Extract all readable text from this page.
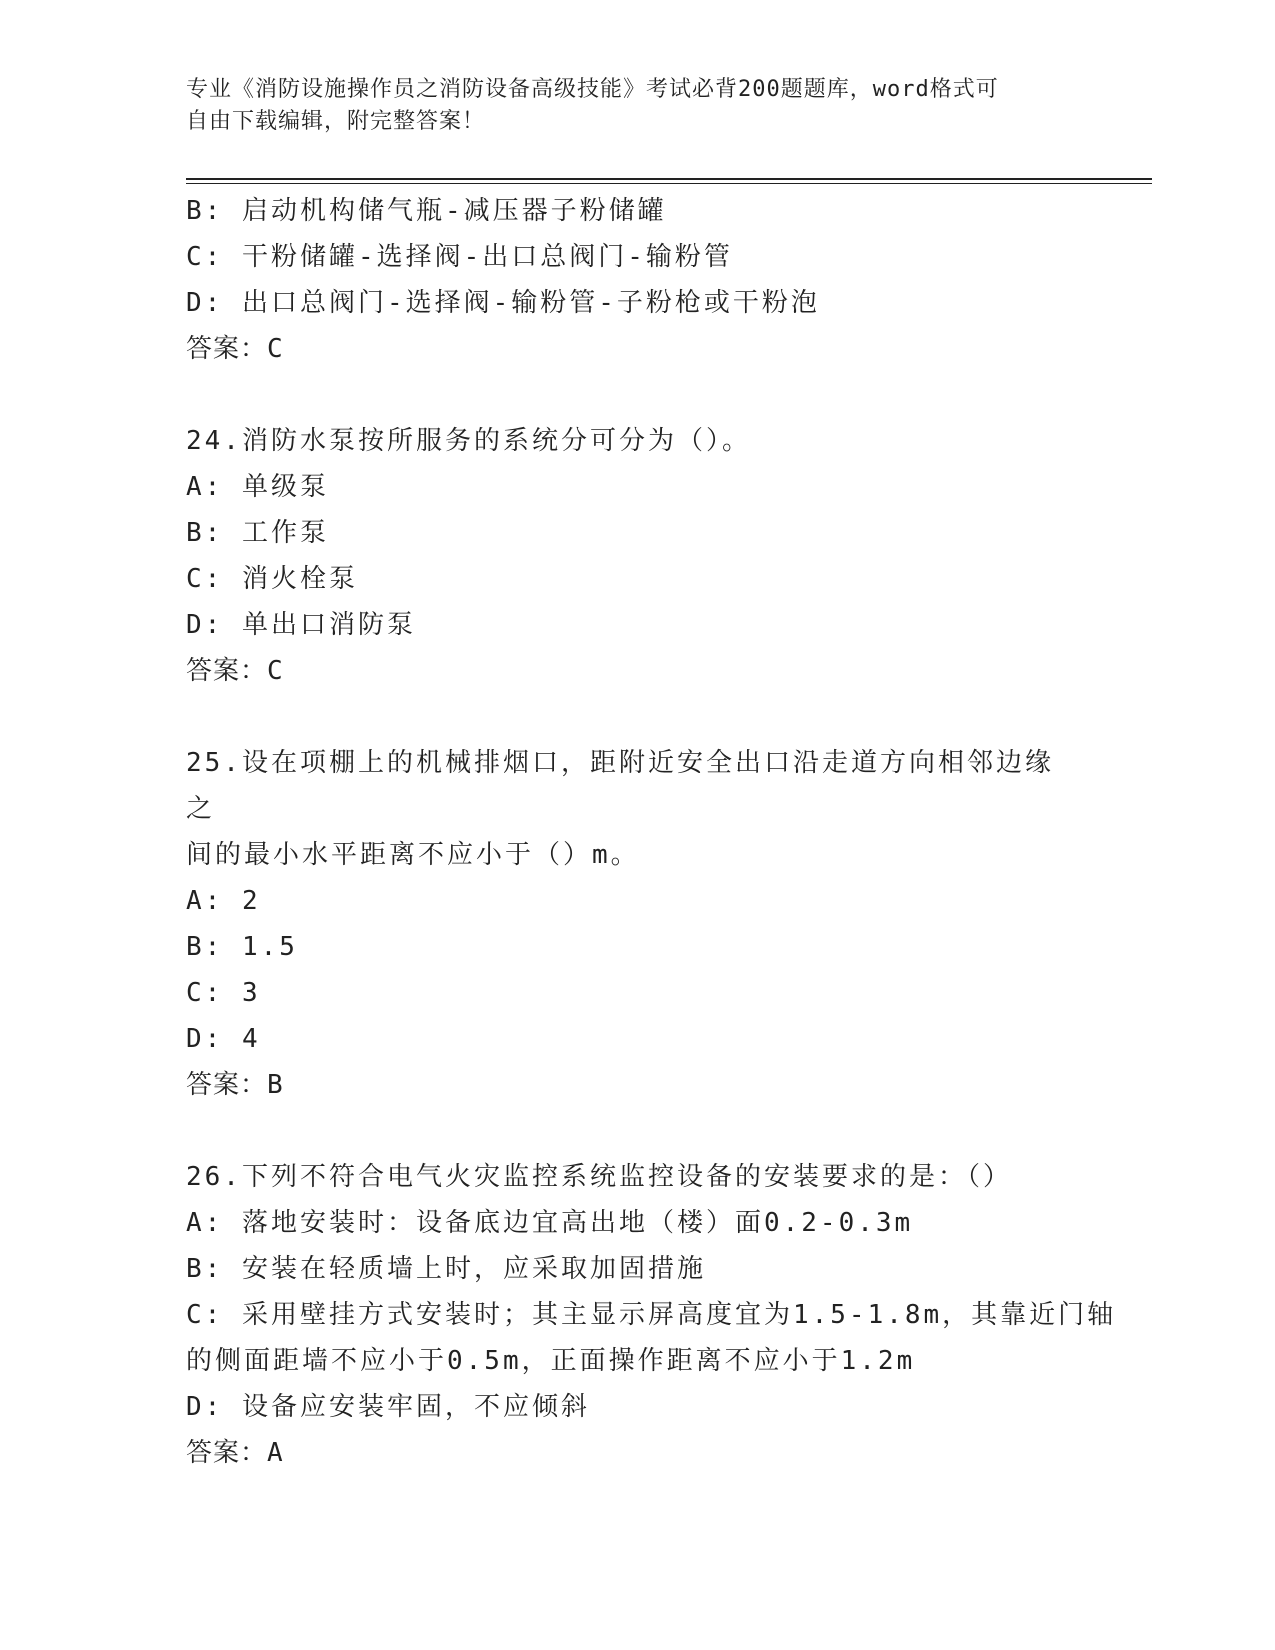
专业《消防设施操作员之消防设备高级技能》考试必背200题题库，word格式可
自由下载编辑，附完整答案！
B: 启动机构储气瓶-减压器子粉储罐
C: 干粉储罐-选择阀-出口总阀门-输粉管
D: 出口总阀门-选择阀-输粉管-子粉枪或干粉泡
答案：C
24.消防水泵按所服务的系统分可分为（）。
A: 单级泵
B: 工作泵
C: 消火栓泵
D: 单出口消防泵
答案：C
25.设在项棚上的机械排烟口，距附近安全出口沿走道方向相邻边缘之
间的最小水平距离不应小于（）m。
A: 2
B: 1.5
C: 3
D: 4
答案：B
26.下列不符合电气火灾监控系统监控设备的安装要求的是：（）
A: 落地安装时：设备底边宜高出地（楼）面0.2-0.3m
B: 安装在轻质墙上时，应采取加固措施
C: 采用壁挂方式安装时；其主显示屏高度宜为1.5-1.8m，其靠近门轴
的侧面距墙不应小于0.5m，正面操作距离不应小于1.2m
D: 设备应安装牢固，不应倾斜
答案：A
